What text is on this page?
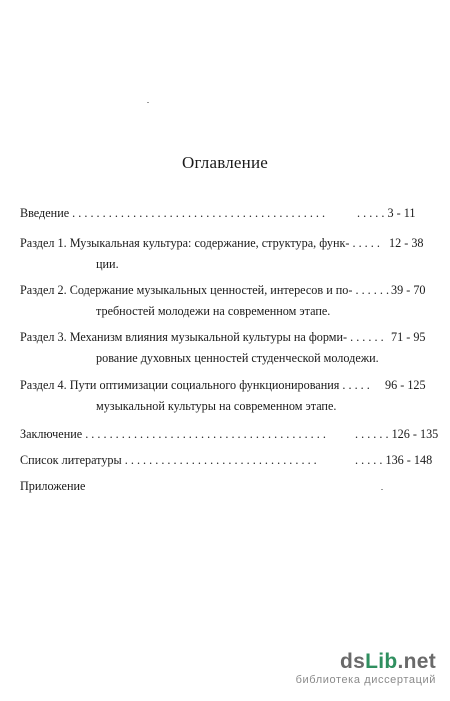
Оглавление
Введение . . . . . . . . . . . . . . . . . . . . . . . . . . . . . . . . . . . . . . . . . .	. . . . . 3 - 11
Раздел 1. Музыкальная культура: содержание, структура, функ- . . . . . 12 - 38
ции.
Раздел 2. Содержание музыкальных ценностей, интересов и по- . . . . . . 39 - 70
требностей молодежи на современном этапе.
Раздел 3. Механизм влияния музыкальной культуры на форми- . . . . . . 71 - 95
рование духовных ценностей студенческой молодежи.
Раздел 4. Пути оптимизации социального функционирования . . . . . 96 - 125
музыкальной культуры на современном этапе.
Заключение . . . . . . . . . . . . . . . . . . . . . . . . . . . . . . . . . . . . . . . . . . . . . . 126 - 135
Список литературы . . . . . . . . . . . . . . . . . . . . . . . . . . . . . . . .	. . . . . 136 - 148
Приложение
dsLib.net
библиотека диссертаций
